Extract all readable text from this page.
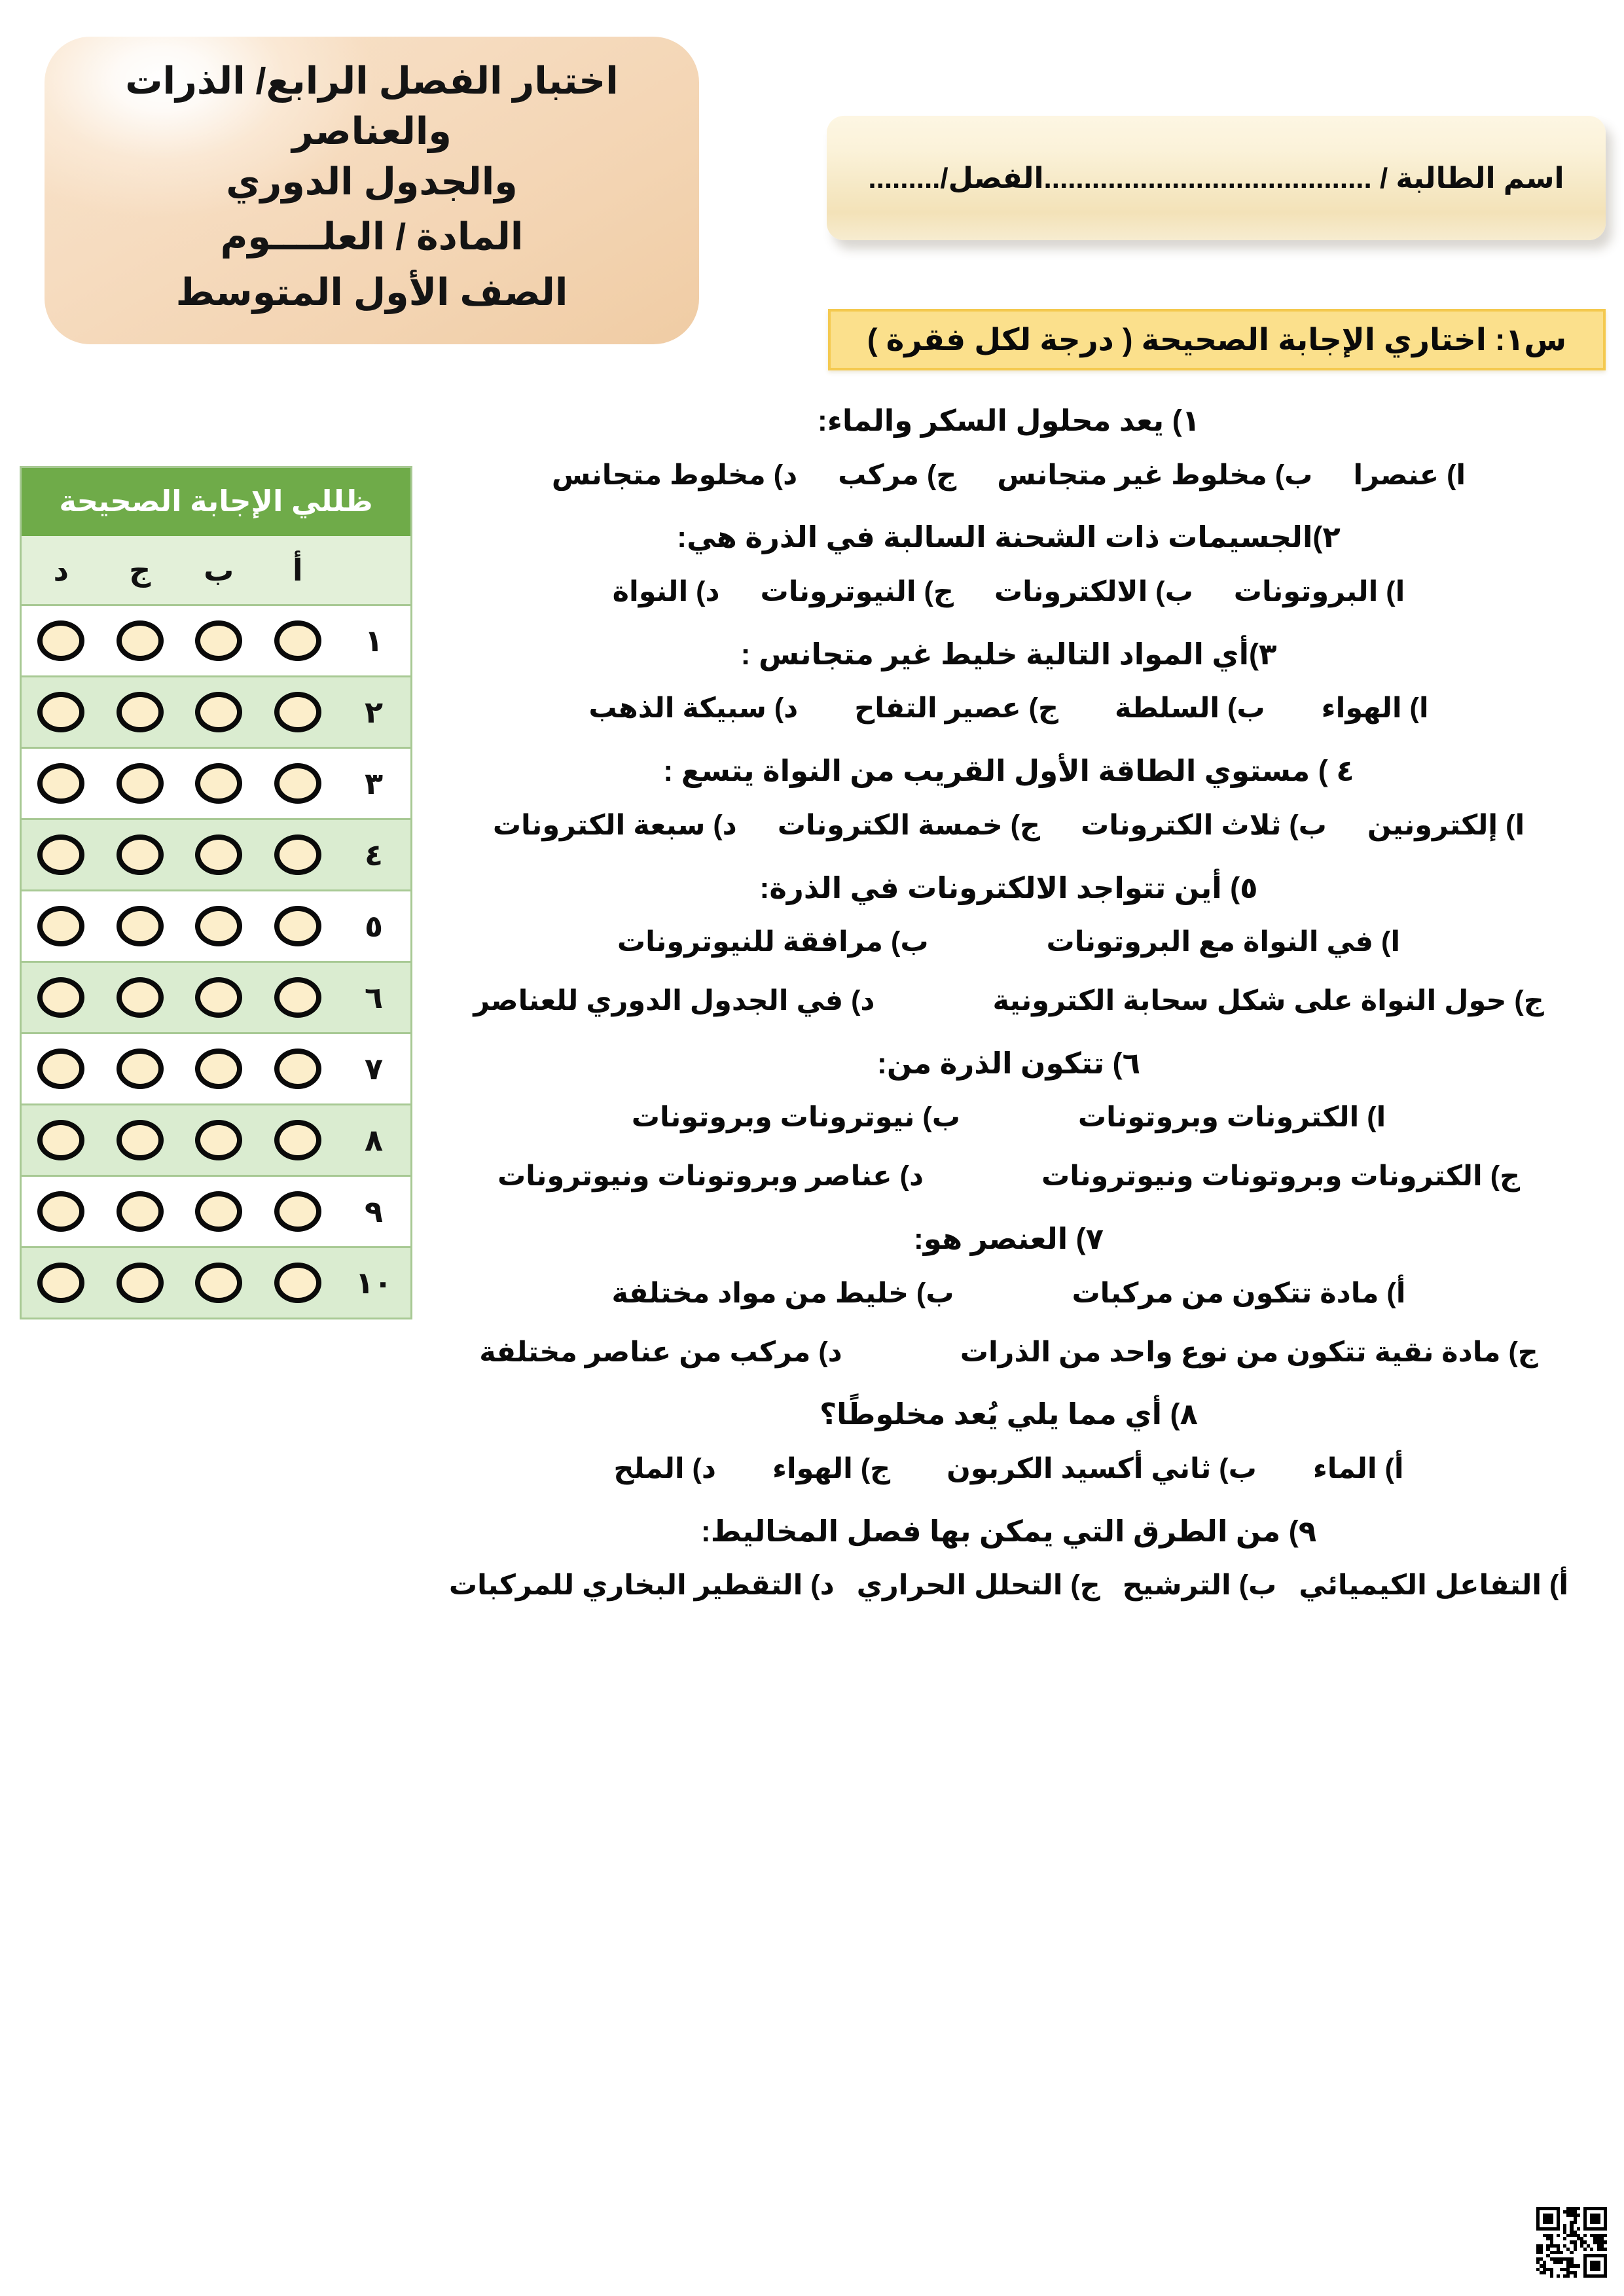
اختبار الفصل الرابع/ الذرات والعناصر
والجدول الدوري
المادة / العلــــوم
الصف الأول المتوسط
اسم الطالبة / .........................................الفصل/.........
س١: اختاري الإجابة الصحيحة ( درجة لكل فقرة )
ظللي الإجابة الصحيحة
أ
ب
ج
د
١
٢
٣
٤
٥
٦
٧
٨
٩
١٠
١) يعد محلول السكر والماء:
ا) عنصرا
ب) مخلوط غير متجانس
ج) مركب
د) مخلوط متجانس
٢)الجسيمات ذات الشحنة السالبة في الذرة هي:
ا) البروتونات
ب) الالكترونات
ج) النيوترونات
د) النواة
٣)أي المواد التالية خليط غير متجانس :
ا) الهواء
ب) السلطة
ج) عصير التفاح
د) سبيكة الذهب
٤ ) مستوي الطاقة الأول القريب من النواة يتسع :
ا) إلكترونين
ب) ثلاث الكترونات
ج) خمسة الكترونات
د) سبعة الكترونات
٥) أين تتواجد الالكترونات في الذرة:
ا) في النواة مع البروتونات
ب) مرافقة للنيوترونات
ج) حول النواة على شكل سحابة الكترونية
د) في الجدول الدوري للعناصر
٦) تتكون الذرة من:
ا) الكترونات وبروتونات
ب) نيوترونات وبروتونات
ج) الكترونات وبروتونات ونيوترونات
د) عناصر وبروتونات ونيوترونات
٧) العنصر هو:
أ) مادة تتكون من مركبات
ب) خليط من مواد مختلفة
ج) مادة نقية تتكون من نوع واحد من الذرات
د) مركب من عناصر مختلفة
٨) أي مما يلي يُعد مخلوطًا؟
أ) الماء
ب) ثاني أكسيد الكربون
ج) الهواء
د) الملح
٩) من الطرق التي يمكن بها فصل المخاليط:
أ) التفاعل الكيميائي
ب) الترشيح
ج) التحلل الحراري
د) التقطير البخاري للمركبات
